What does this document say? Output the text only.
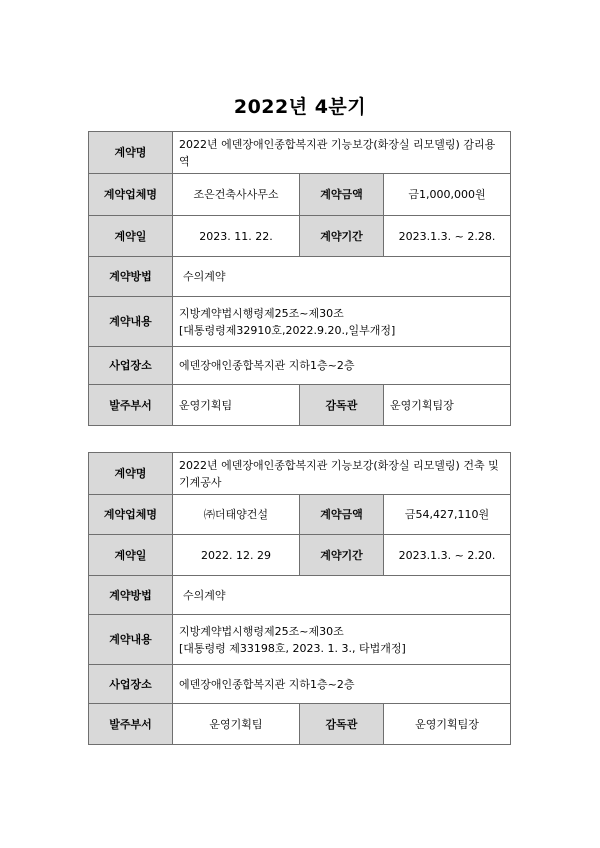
2022년 4분기
계약명	2022년 에덴장애인종합복지관 기능보강(화장실 리모델링) 감리용역		
계약업체명	조은건축사사무소	계약금액	금1,000,000원
계약일	2023. 11. 22.	계약기간	2023.1.3. ~ 2.28.
계약방법	수의계약		
계약내용	지방계약법시행령제25조~제30조
[대통령령제32910호,2022.9.20.,일부개정]		

사업장소	에덴장애인종합복지관 지하1층~2층		
발주부서	운영기획팀	감독관	운영기획팀장
계약명	2022년 에덴장애인종합복지관 기능보강(화장실 리모델링) 건축 및 기계공사		
계약업체명	㈜더태양건설	계약금액	금54,427,110원
계약일	2022. 12. 29	계약기간	2023.1.3. ~ 2.20.
계약방법	수의계약		
계약내용	지방계약법시행령제25조~제30조
[대통령령 제33198호, 2023. 1. 3., 타법개정]		

사업장소	에덴장애인종합복지관 지하1층~2층		
발주부서	운영기획팀	감독관	운영기획팀장
